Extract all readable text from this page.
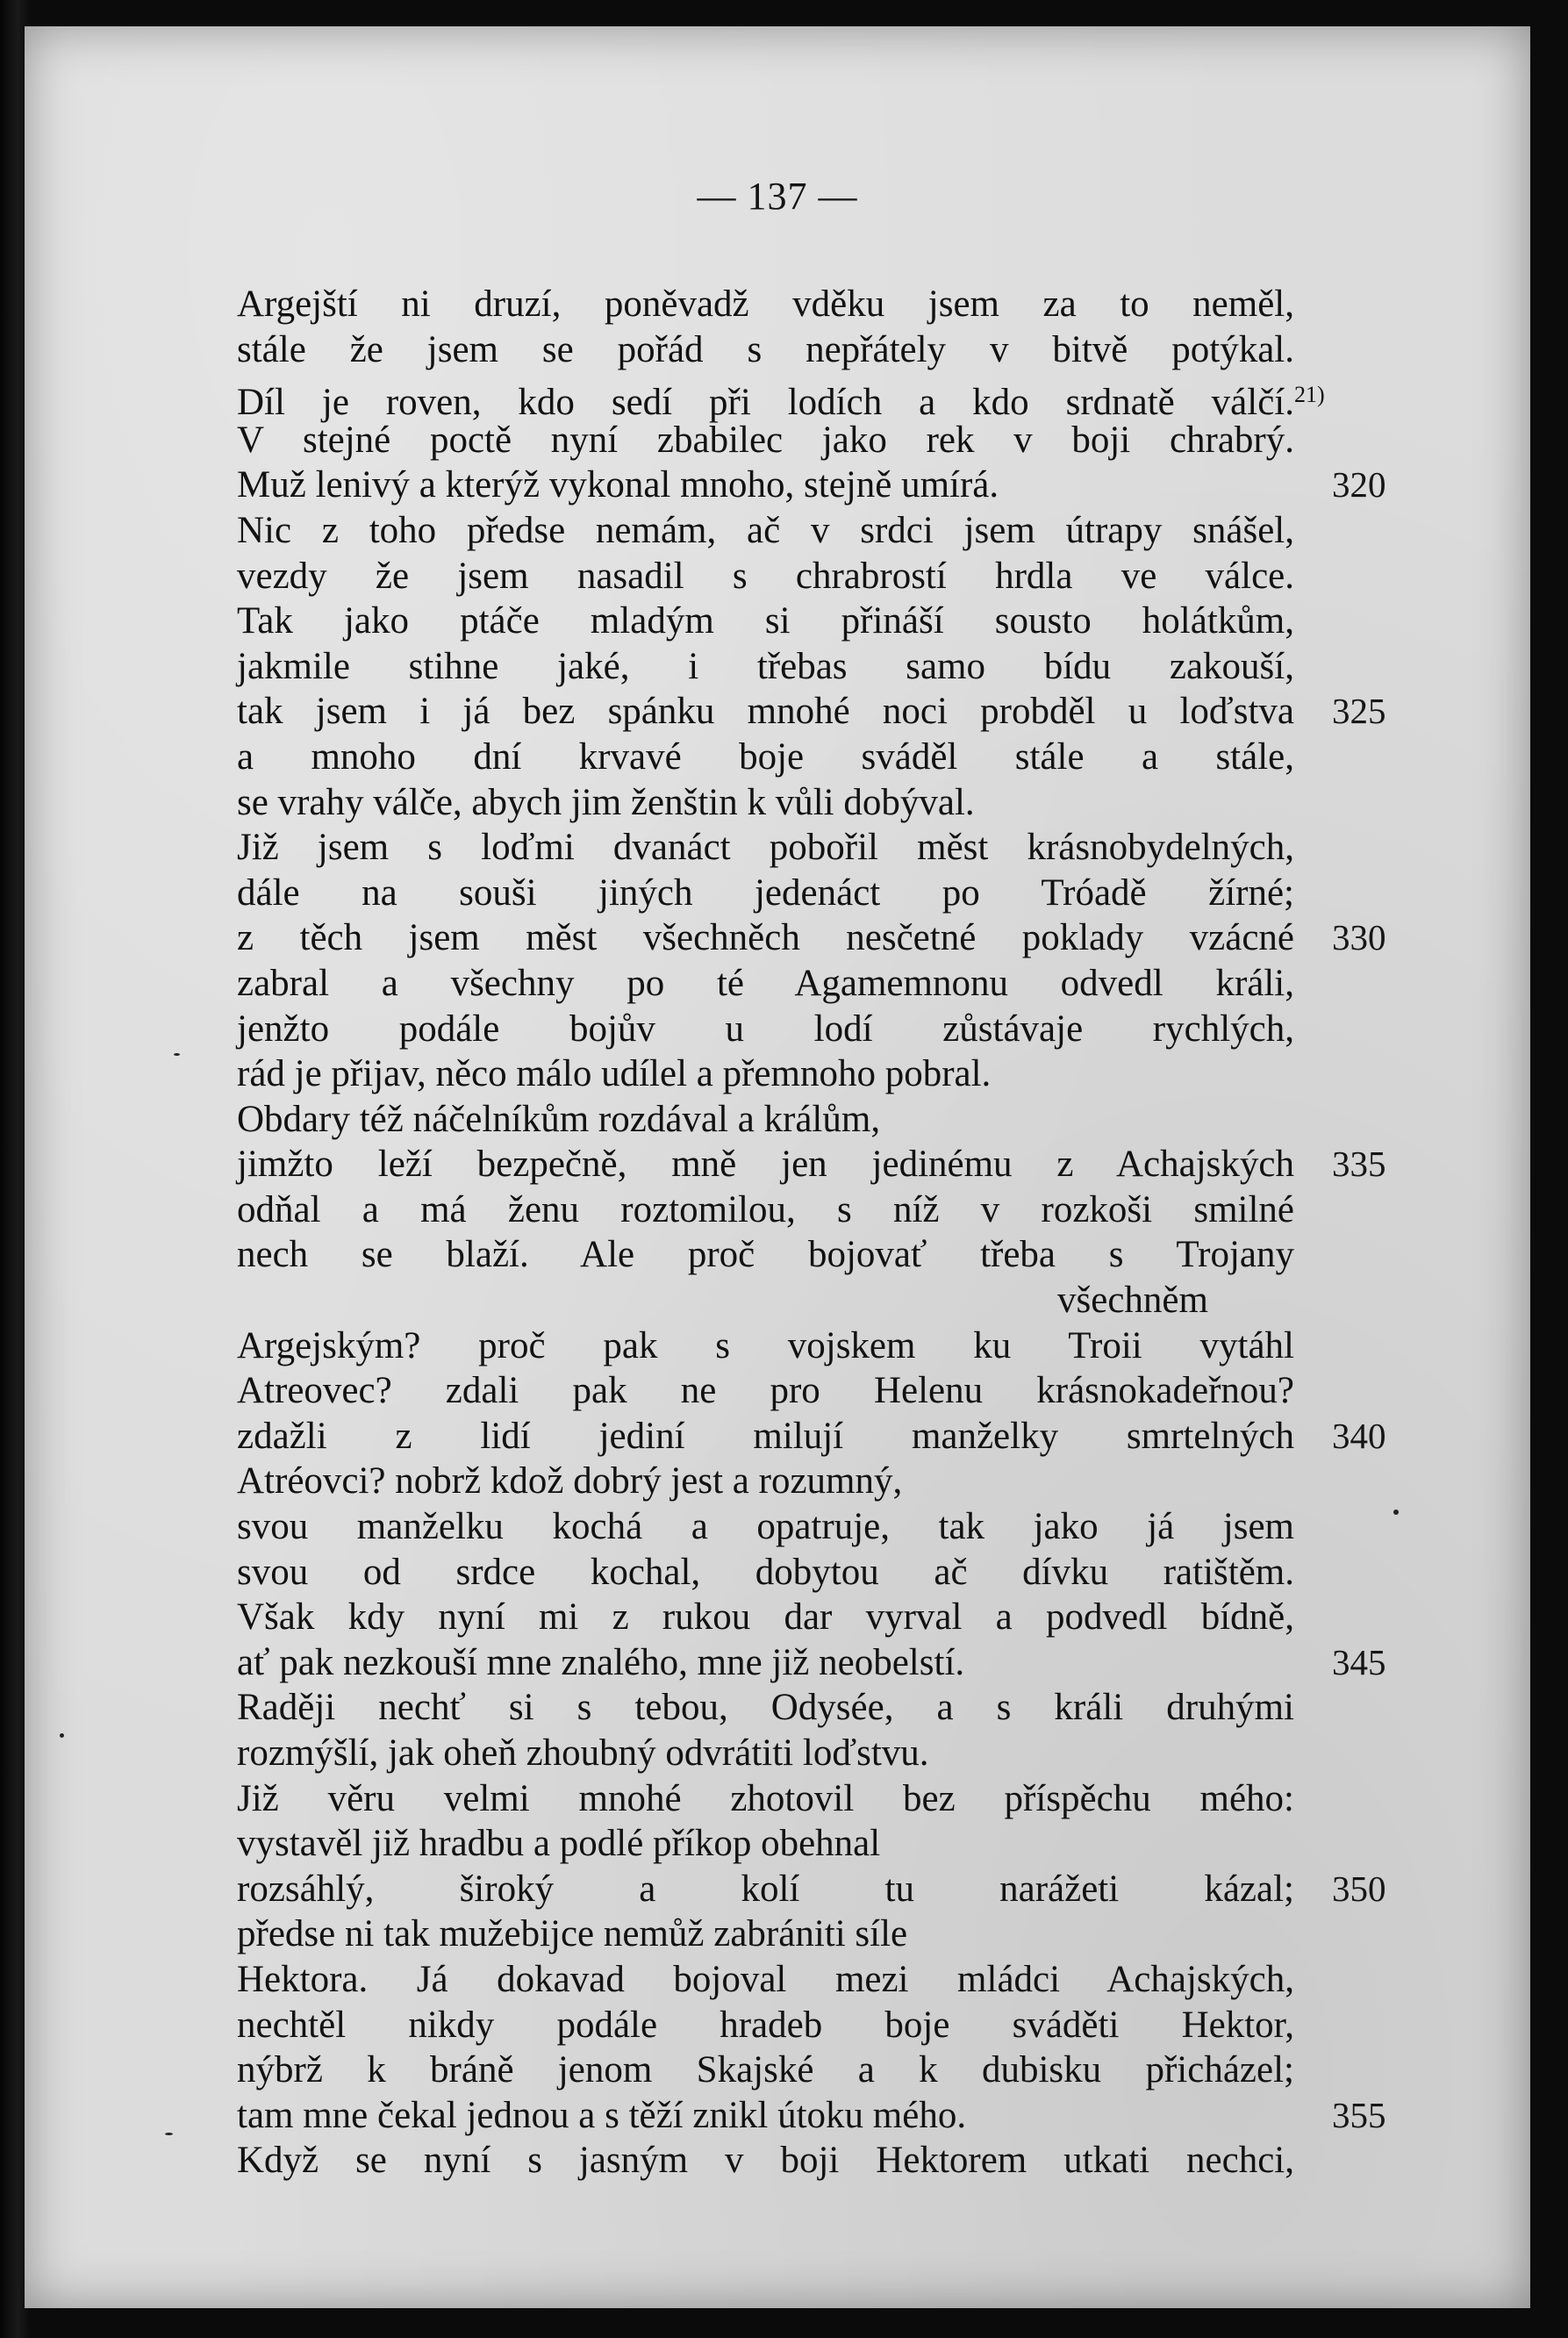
— 137 —
Argejští ni druzí, poněvadž vděku jsem za to neměl,
stále že jsem se pořád s nepřátely v bitvě potýkal.
Díl je roven, kdo sedí při lodích a kdo srdnatě válčí.$^{21)}$
V stejné poctě nyní zbabilec jako rek v boji chrabrý.
Muž lenivý a kterýž vykonal mnoho, stejně umírá.	320
Nic z toho předse nemám, ač v srdci jsem útrapy snášel,
vezdy že jsem nasadil s chrabrostí hrdla ve válce.
Tak jako ptáče mladým si přináší sousto holátkům,
jakmile stihne jaké, i třebas samo bídu zakouší,
tak jsem i já bez spánku mnohé noci probděl u loďstva 325
a mnoho dní krvavé boje sváděl stále a stále,
se vrahy válče, abych jim ženštin k vůli dobýval.
Již jsem s loďmi dvanáct pobořil měst krásnobydelných,
dále na souši jiných jedenáct po Tróadě žírné;
z těch jsem měst všechněch nesčetné poklady vzácné 330
zabral a všechny po té Agamemnonu odvedl králi,
jenžto podále bojův u lodí zůstávaje rychlých,
rád je přijav, něco málo udílel a přemnoho pobral.
Obdary též náčelníkům rozdával a králům,
jimžto leží bezpečně, mně jen jedinému z Achajských 335
odňal a má ženu roztomilou, s níž v rozkoši smilné
nech se blaží. Ale proč bojovať třeba s Trojany
všechněm
Argejským? proč pak s vojskem ku Troii vytáhl
Atreovec? zdali pak ne pro Helenu krásnokadeřnou?
zdažli z lidí jediní milují manželky smrtelných 340
Atréovci? nobrž kdož dobrý jest a rozumný,
svou manželku kochá a opatruje, tak jako já jsem
svou od srdce kochal, dobytou ač dívku ratištěm.
Však kdy nyní mi z rukou dar vyrval a podvedl bídně,
ať pak nezkouší mne znalého, mne již neobelstí.	345
Raději nechť si s tebou, Odysée, a s králi druhými
rozmýšlí, jak oheň zhoubný odvrátiti loďstvu.
Již věru velmi mnohé zhotovil bez příspěchu mého:
vystavěl již hradbu a podlé příkop obehnal
rozsáhlý, široký a kolí tu narážeti kázal; 350
předse ni tak mužebijce nemůž zabrániti síle
Hektora. Já dokavad bojoval mezi mládci Achajských,
nechtěl nikdy podále hradeb boje sváděti Hektor,
nýbrž k bráně jenom Skajské a k dubisku přicházel;
tam mne čekal jednou a s těží znikl útoku mého.	355
Když se nyní s jasným v boji Hektorem utkati nechci,
